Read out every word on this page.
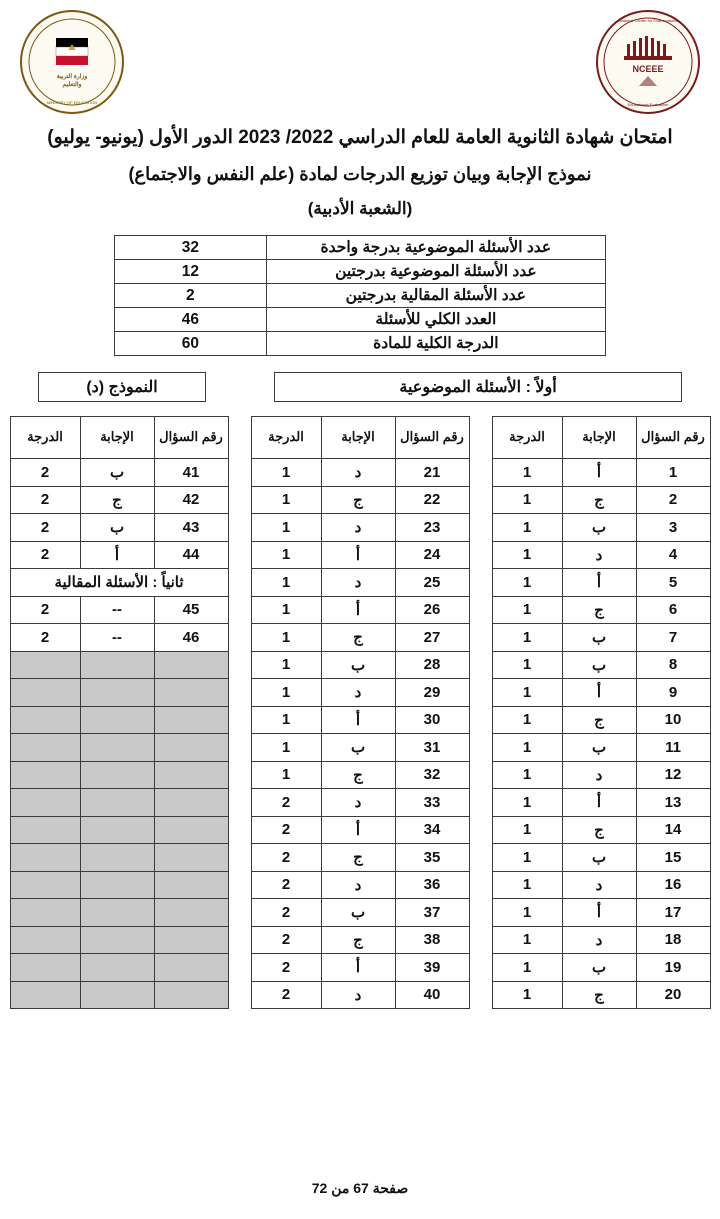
NCEEE
National Center for Examinations
Educational Evaluation
وزارة التربية
والتعليم
MINISTRY OF EDUCATION
امتحان شهادة الثانوية العامة للعام الدراسي 2022/ 2023 الدور الأول (يونيو- يوليو)
نموذج الإجابة وبيان توزيع الدرجات لمادة (علم النفس والاجتماع)
(الشعبة الأدبية)
عدد الأسئلة الموضوعية بدرجة واحدة	32
عدد الأسئلة الموضوعية بدرجتين	12
عدد الأسئلة المقالية بدرجتين	2
العدد الكلي للأسئلة	46
الدرجة الكلية للمادة	60
أولاً : الأسئلة الموضوعية
النموذج (د)
رقم السؤال	الإجابة	الدرجة
1	أ	1
2	ج	1
3	ب	1
4	د	1
5	أ	1
6	ج	1
7	ب	1
8	ب	1
9	أ	1
10	ج	1
11	ب	1
12	د	1
13	أ	1
14	ج	1
15	ب	1
16	د	1
17	أ	1
18	د	1
19	ب	1
20	ج	1
رقم السؤال	الإجابة	الدرجة
21	د	1
22	ج	1
23	د	1
24	أ	1
25	د	1
26	أ	1
27	ج	1
28	ب	1
29	د	1
30	أ	1
31	ب	1
32	ج	1
33	د	2
34	أ	2
35	ج	2
36	د	2
37	ب	2
38	ج	2
39	أ	2
40	د	2
رقم السؤال	الإجابة	الدرجة
41	ب	2
42	ج	2
43	ب	2
44	أ	2
ثانياً : الأسئلة المقالية		
45	--	2
46	--	2

صفحة 67 من 72
